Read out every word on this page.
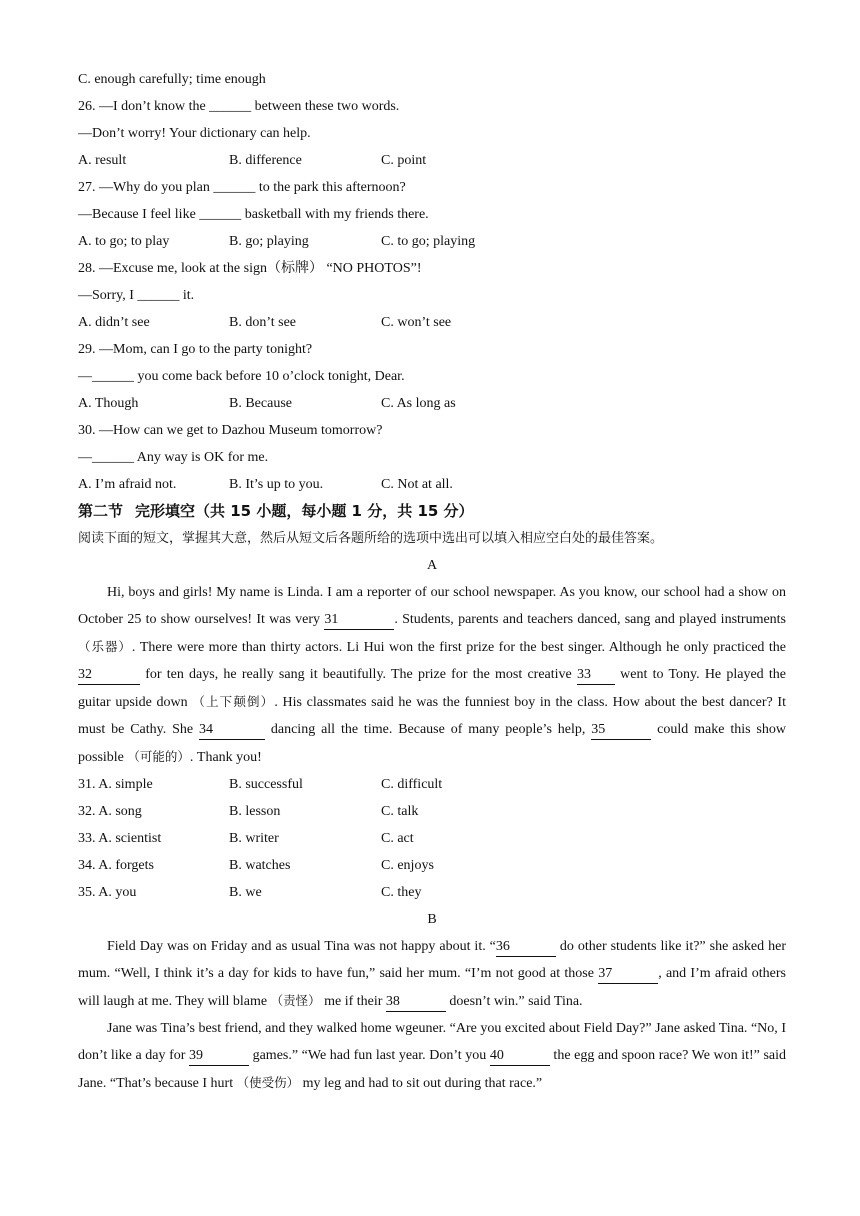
C. enough carefully; time enough
26. —I don’t know the ______ between these two words.
—Don’t worry! Your dictionary can help.
A. result	B. difference	C. point
27. —Why do you plan ______ to the park this afternoon?
—Because I feel like ______ basketball with my friends there.
A. to go; to play	B. go; playing	C. to go; playing
28. —Excuse me, look at the sign（标牌） “NO PHOTOS”!
—Sorry, I ______ it.
A. didn’t see	B. don’t see	C. won’t see
29. —Mom, can I go to the party tonight?
—______ you come back before 10 o’clock tonight, Dear.
A. Though	B. Because	C. As long as
30. —How can we get to Dazhou Museum tomorrow?
—______ Any way is OK for me.
A. I’m afraid not.	B. It’s up to you.	C. Not at all.
第二节 完形填空（共 15 小题，每小题 1 分，共 15 分）
阅读下面的短文，掌握其大意，然后从短文后各题所给的选项中选出可以填入相应空白处的最佳答案。
A
Hi, boys and girls! My name is Linda. I am a reporter of our school newspaper. As you know, our school had a show on October 25 to show ourselves! It was very 31	. Students, parents and teachers danced, sang and played instruments （乐器）. There were more than thirty actors. Li Hui won the first prize for the best singer. Although he only practiced the 32	for ten days, he really sang it beautifully. The prize for the most creative 33 went to Tony. He played the guitar upside down （上下颠倒）. His classmates said he was the funniest boy in the class. How about the best dancer? It must be Cathy. She 34	dancing all the time. Because of many people’s help, 35	could make this show possible （可能的）. Thank you!
31. A. simple	B. successful	C. difficult
32. A. song	B. lesson	C. talk
33. A. scientist	B. writer	C. act
34. A. forgets	B. watches	C. enjoys
35. A. you	B. we	C. they
B
Field Day was on Friday and as usual Tina was not happy about it. “36	do other students like it?” she asked her mum. “Well, I think it’s a day for kids to have fun,” said her mum. “I’m not good at those 37	, and I’m afraid others will laugh at me. They will blame （责怪） me if their 38	doesn’t win.” said Tina.
Jane was Tina’s best friend, and they walked home wgeuner. “Are you excited about Field Day?” Jane asked Tina. “No, I don’t like a day for 39	games.” “We had fun last year. Don’t you 40	the egg and spoon race? We won it!” said Jane. “That’s because I hurt （使受伤） my leg and had to sit out during that race.”
